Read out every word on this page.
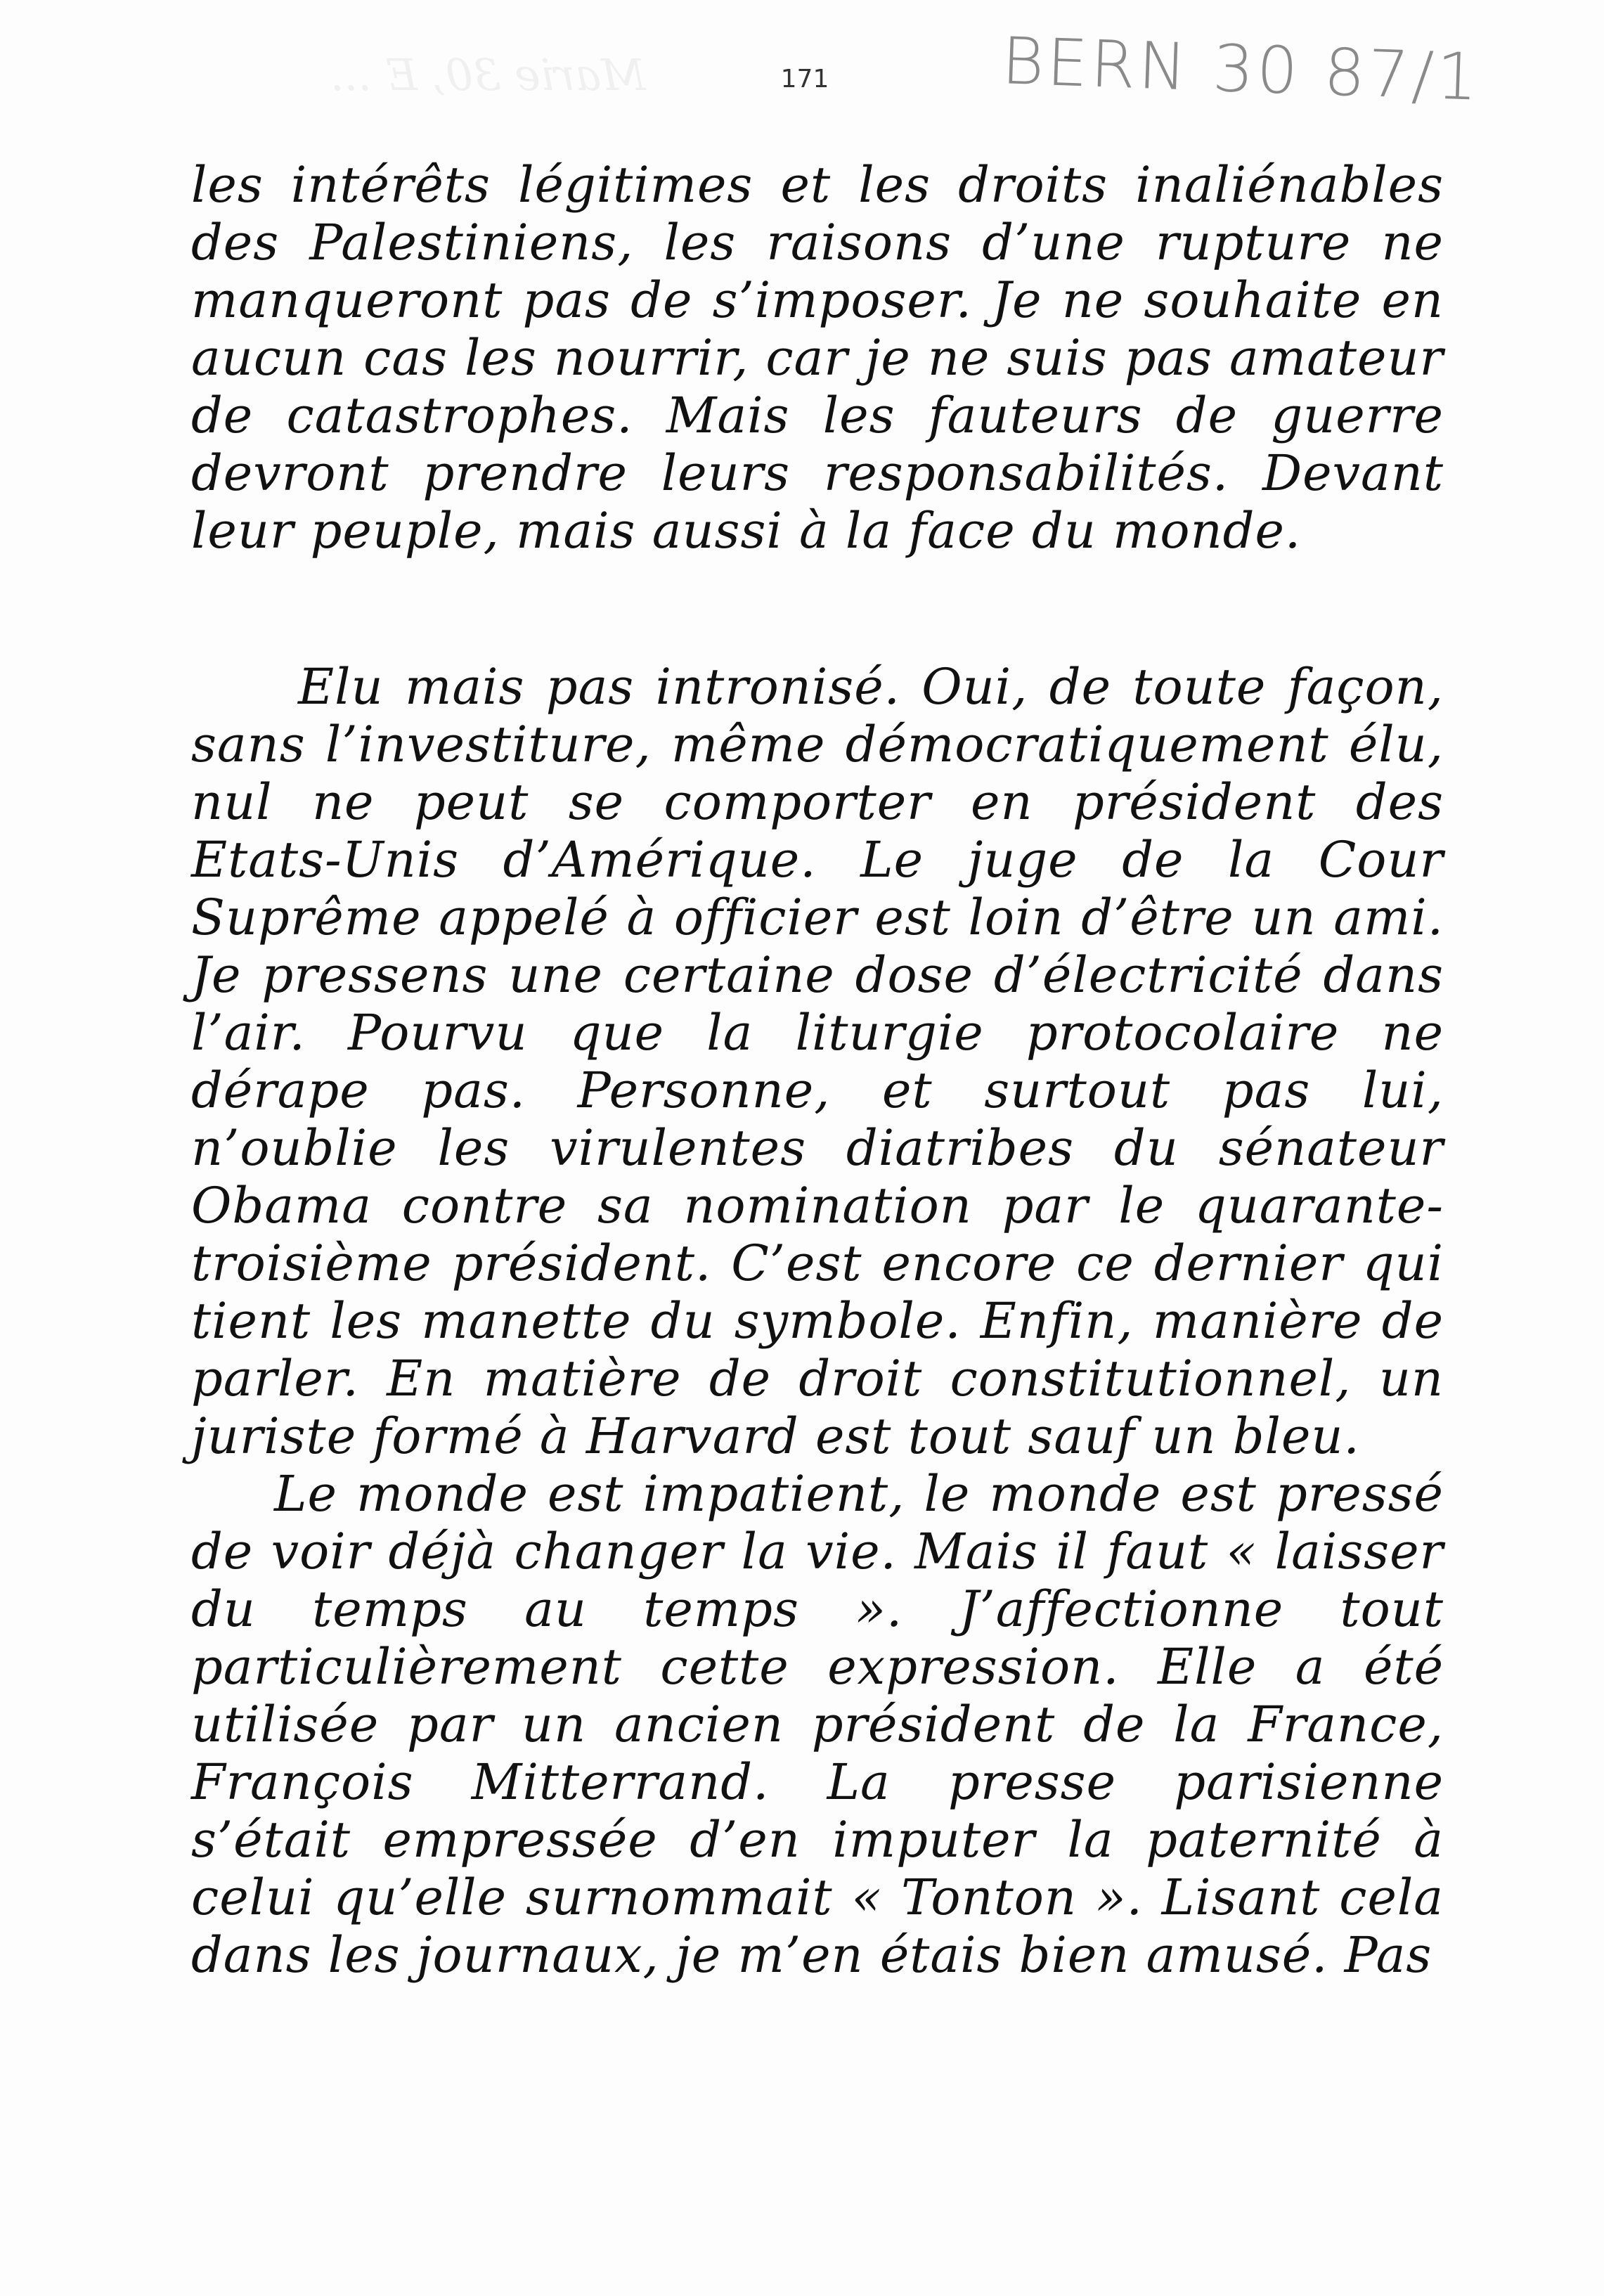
Marie 30, E ...	171	BERN 30 87/1

les intérêts légitimes et les droits inaliénables des Palestiniens, les raisons d’une rupture ne manqueront pas de s’imposer. Je ne souhaite en aucun cas les nourrir, car je ne suis pas amateur de catastrophes. Mais les fauteurs de guerre devront prendre leurs responsabilités. Devant leur peuple, mais aussi à la face du monde.

Elu mais pas intronisé. Oui, de toute façon, sans l’investiture, même démocratiquement élu, nul ne peut se comporter en président des Etats-Unis d’Amérique. Le juge de la Cour Suprême appelé à officier est loin d’être un ami. Je pressens une certaine dose d’électricité dans l’air. Pourvu que la liturgie protocolaire ne dérape pas. Personne, et surtout pas lui, n’oublie les virulentes diatribes du sénateur Obama contre sa nomination par le quarante-troisième président. C’est encore ce dernier qui tient les manette du symbole. Enfin, manière de parler. En matière de droit constitutionnel, un juriste formé à Harvard est tout sauf un bleu.

Le monde est impatient, le monde est pressé de voir déjà changer la vie. Mais il faut « laisser du temps au temps ». J’affectionne tout particulièrement cette expression. Elle a été utilisée par un ancien président de la France, François Mitterrand. La presse parisienne s’était empressée d’en imputer la paternité à celui qu’elle surnommait « Tonton ». Lisant cela dans les journaux, je m’en étais bien amusé. Pas
